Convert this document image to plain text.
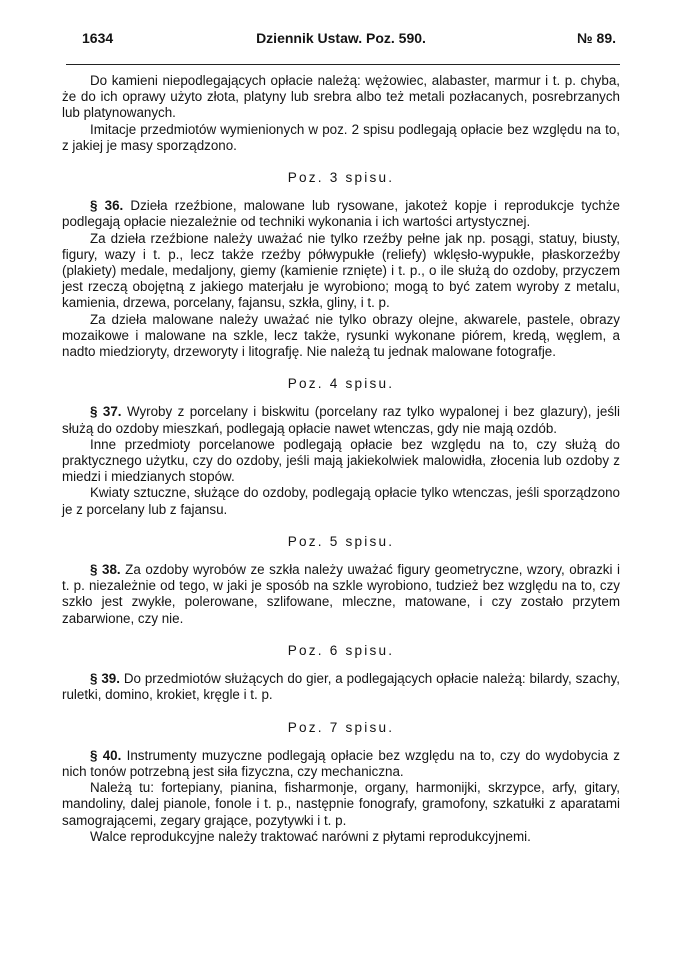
1634	Dziennik Ustaw. Poz. 590.	№ 89.

Do kamieni niepodlegających opłacie należą: wężowiec, alabaster, marmur i t. p. chyba, że do ich oprawy użyto złota, platyny lub srebra albo też metali pozłacanych, posrebrzanych lub platynowanych.

Imitacje przedmiotów wymienionych w poz. 2 spisu podlegają opłacie bez względu na to, z jakiej je masy sporządzono.

Poz. 3 spisu.

§ 36. Dzieła rzeźbione, malowane lub rysowane, jakoteż kopje i reprodukcje tychże podlegają opłacie niezależnie od techniki wykonania i ich wartości artystycznej.

Za dzieła rzeźbione należy uważać nie tylko rzeźby pełne jak np. posągi, statuy, biusty, figury, wazy i t. p., lecz także rzeźby półwypukłe (reliefy) wklęsło-wypukłe, płaskorzeźby (plakiety) medale, medaljony, giemy (kamienie rznięte) i t. p., o ile służą do ozdoby, przyczem jest rzeczą obojętną z jakiego materjału je wyrobiono; mogą to być zatem wyroby z metalu, kamienia, drzewa, porcelany, fajansu, szkła, gliny, i t. p.

Za dzieła malowane należy uważać nie tylko obrazy olejne, akwarele, pastele, obrazy mozaikowe i malowane na szkle, lecz także, rysunki wykonane piórem, kredą, węglem, a nadto miedzioryty, drzeworyty i litografję. Nie należą tu jednak malowane fotografje.

Poz. 4 spisu.

§ 37. Wyroby z porcelany i biskwitu (porcelany raz tylko wypalonej i bez glazury), jeśli służą do ozdoby mieszkań, podlegają opłacie nawet wtenczas, gdy nie mają ozdób.

Inne przedmioty porcelanowe podlegają opłacie bez względu na to, czy służą do praktycznego użytku, czy do ozdoby, jeśli mają jakiekolwiek malowidła, złocenia lub ozdoby z miedzi i miedzianych stopów.

Kwiaty sztuczne, służące do ozdoby, podlegają opłacie tylko wtenczas, jeśli sporządzono je z porcelany lub z fajansu.

Poz. 5 spisu.

§ 38. Za ozdoby wyrobów ze szkła należy uważać figury geometryczne, wzory, obrazki i t. p. niezależnie od tego, w jaki je sposób na szkle wyrobiono, tudzież bez względu na to, czy szkło jest zwykłe, polerowane, szlifowane, mleczne, matowane, i czy zostało przytem zabarwione, czy nie.

Poz. 6 spisu.

§ 39. Do przedmiotów służących do gier, a podlegających opłacie należą: bilardy, szachy, ruletki, domino, krokiet, kręgle i t. p.

Poz. 7 spisu.

§ 40. Instrumenty muzyczne podlegają opłacie bez względu na to, czy do wydobycia z nich tonów potrzebną jest siła fizyczna, czy mechaniczna.

Należą tu: fortepiany, pianina, fisharmonje, organy, harmonijki, skrzypce, arfy, gitary, mandoliny, dalej pianole, fonole i t. p., następnie fonografy, gramofony, szkatułki z aparatami samogrającemi, zegary grające, pozytywki i t. p.

Walce reprodukcyjne należy traktować narówni z płytami reprodukcyjnemi.
